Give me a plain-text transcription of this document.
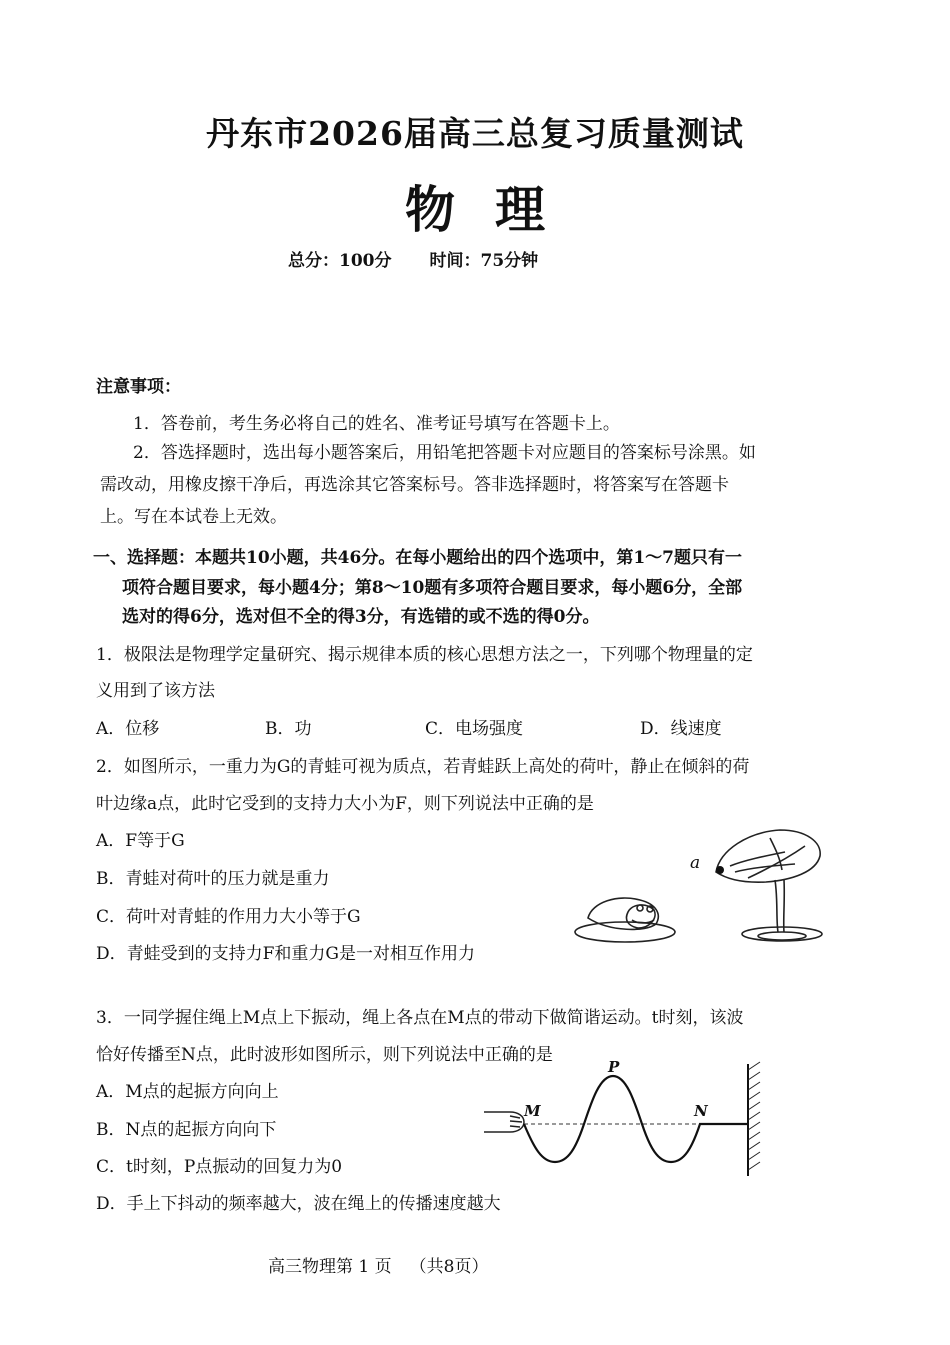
丹东市2026届高三总复习质量测试
物理
总分：100分 时间：75分钟
注意事项：
1．答卷前，考生务必将自己的姓名、准考证号填写在答题卡上。
2．答选择题时，选出每小题答案后，用铅笔把答题卡对应题目的答案标号涂黑。如
需改动，用橡皮擦干净后，再选涂其它答案标号。答非选择题时，将答案写在答题卡
上。写在本试卷上无效。
一、选择题：本题共10小题，共46分。在每小题给出的四个选项中，第1～7题只有一
项符合题目要求，每小题4分；第8～10题有多项符合题目要求，每小题6分，全部
选对的得6分，选对但不全的得3分，有选错的或不选的得0分。
1．极限法是物理学定量研究、揭示规律本质的核心思想方法之一，下列哪个物理量的定
义用到了该方法
A．位移	B．功	C．电场强度	D．线速度
2．如图所示，一重力为G的青蛙可视为质点，若青蛙跃上高处的荷叶，静止在倾斜的荷
叶边缘a点，此时它受到的支持力大小为F，则下列说法中正确的是
A．F等于G
B．青蛙对荷叶的压力就是重力
C．荷叶对青蛙的作用力大小等于G
D．青蛙受到的支持力F和重力G是一对相互作用力
a
3．一同学握住绳上M点上下振动，绳上各点在M点的带动下做简谐运动。t时刻，该波
恰好传播至N点，此时波形如图所示，则下列说法中正确的是
A．M点的起振方向向上
B．N点的起振方向向下
C．t时刻，P点振动的回复力为0
D．手上下抖动的频率越大，波在绳上的传播速度越大
M
P
N
高三物理第 1 页 （共8页）
